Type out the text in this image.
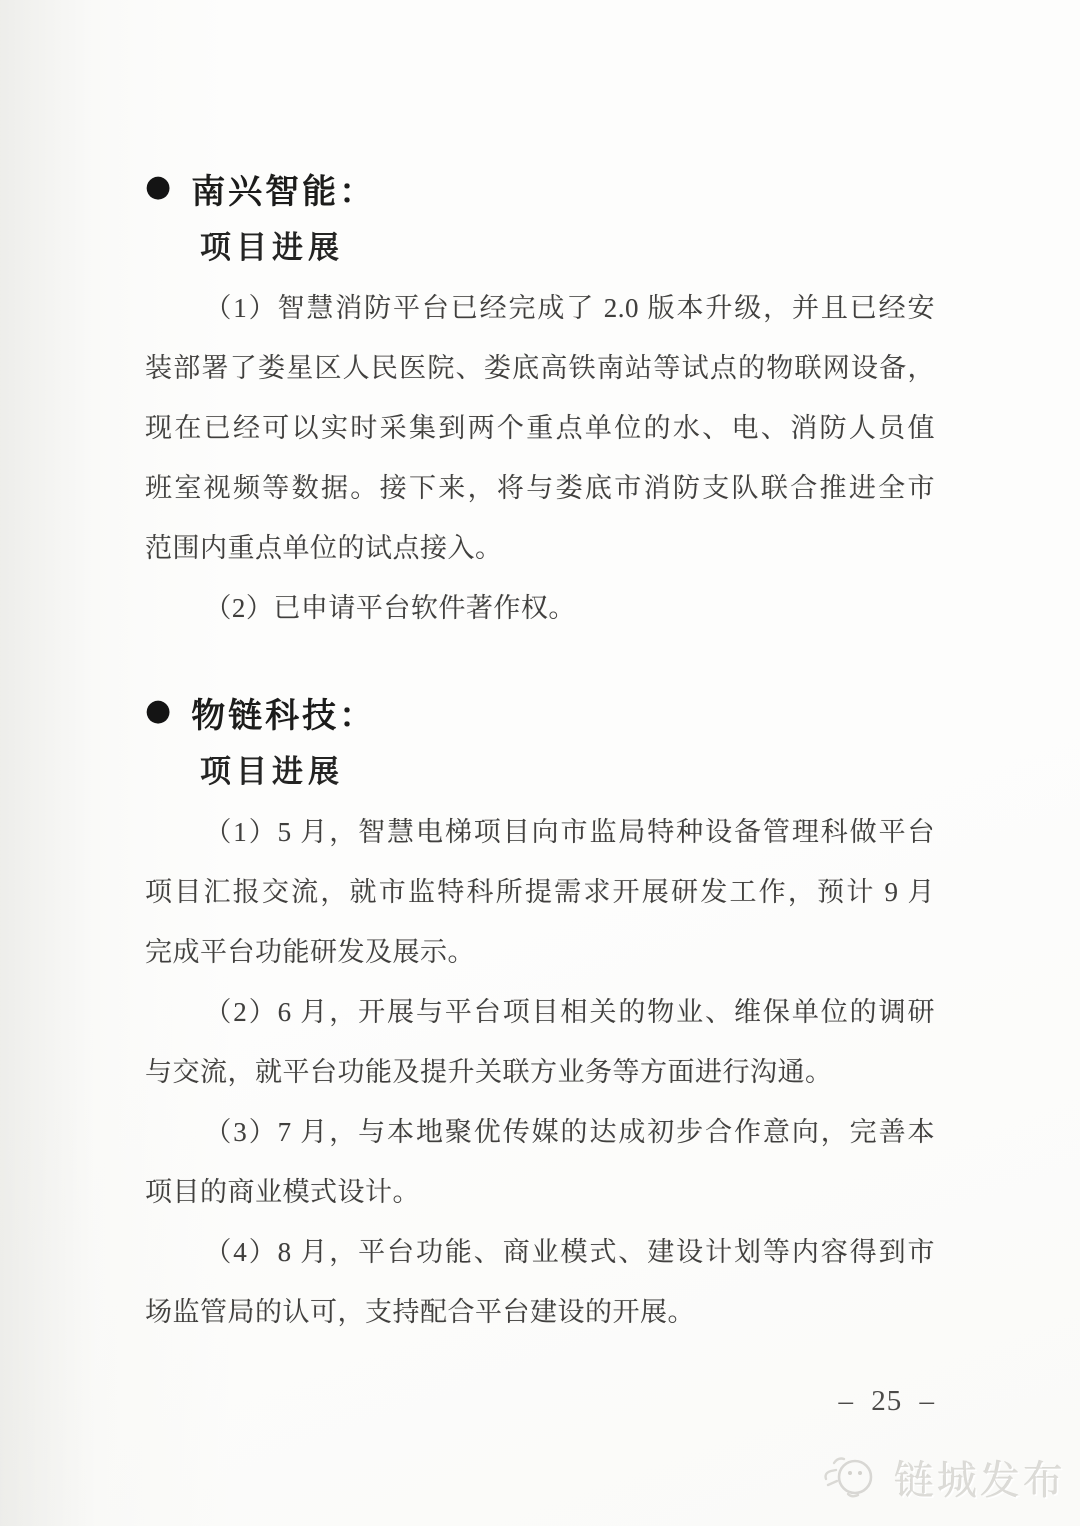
● 南兴智能：
项目进展
（1）智慧消防平台已经完成了 2.0 版本升级，并且已经安
装部署了娄星区人民医院、娄底高铁南站等试点的物联网设备，
现在已经可以实时采集到两个重点单位的水、电、消防人员值
班室视频等数据。接下来，将与娄底市消防支队联合推进全市
范围内重点单位的试点接入。
（2）已申请平台软件著作权。
● 物链科技：
项目进展
（1）5 月，智慧电梯项目向市监局特种设备管理科做平台
项目汇报交流，就市监特科所提需求开展研发工作，预计 9 月
完成平台功能研发及展示。
（2）6 月，开展与平台项目相关的物业、维保单位的调研
与交流，就平台功能及提升关联方业务等方面进行沟通。
（3）7 月，与本地聚优传媒的达成初步合作意向，完善本
项目的商业模式设计。
（4）8 月，平台功能、商业模式、建设计划等内容得到市
场监管局的认可，支持配合平台建设的开展。
– 25 –
链城发布
